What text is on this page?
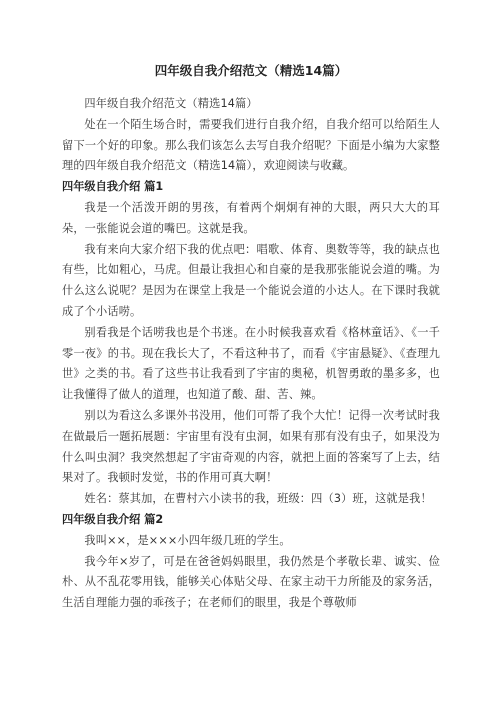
四年级自我介绍范文（精选14篇）

四年级自我介绍范文（精选14篇）

处在一个陌生场合时，需要我们进行自我介绍，自我介绍可以给陌生人留下一个好的印象。那么我们该怎么去写自我介绍呢？下面是小编为大家整理的四年级自我介绍范文（精选14篇），欢迎阅读与收藏。

四年级自我介绍 篇1

我是一个活泼开朗的男孩，有着两个炯炯有神的大眼，两只大大的耳朵，一张能说会道的嘴巴。这就是我。

我有来向大家介绍下我的优点吧：唱歌、体育、奥数等等，我的缺点也有些，比如粗心，马虎。但最让我担心和自豪的是我那张能说会道的嘴。为什么这么说呢？是因为在课堂上我是一个能说会道的小达人。在下课时我就成了个小话唠。

别看我是个话唠我也是个书迷。在小时候我喜欢看《格林童话》、《一千零一夜》的书。现在我长大了，不看这种书了，而看《宇宙悬疑》、《查理九世》之类的书。看了这些书让我看到了宇宙的奥秘，机智勇敢的墨多多，也让我懂得了做人的道理，也知道了酸、甜、苦、辣。

别以为看这么多课外书没用，他们可帮了我个大忙！记得一次考试时我在做最后一题拓展题：宇宙里有没有虫洞，如果有那有没有虫子，如果没为什么叫虫洞？我突然想起了宇宙奇观的内容，就把上面的答案写了上去，结果对了。我顿时发觉，书的作用可真大啊！

姓名：蔡其加，在曹村六小读书的我，班级：四（3）班，这就是我！

四年级自我介绍 篇2

我叫××，是×××小四年级几班的学生。

我今年×岁了，可是在爸爸妈妈眼里，我仍然是个孝敬长辈、诚实、俭朴、从不乱花零用钱，能够关心体贴父母、在家主动干力所能及的家务活，生活自理能力强的乖孩子；在老师们的眼里，我是个尊敬师
